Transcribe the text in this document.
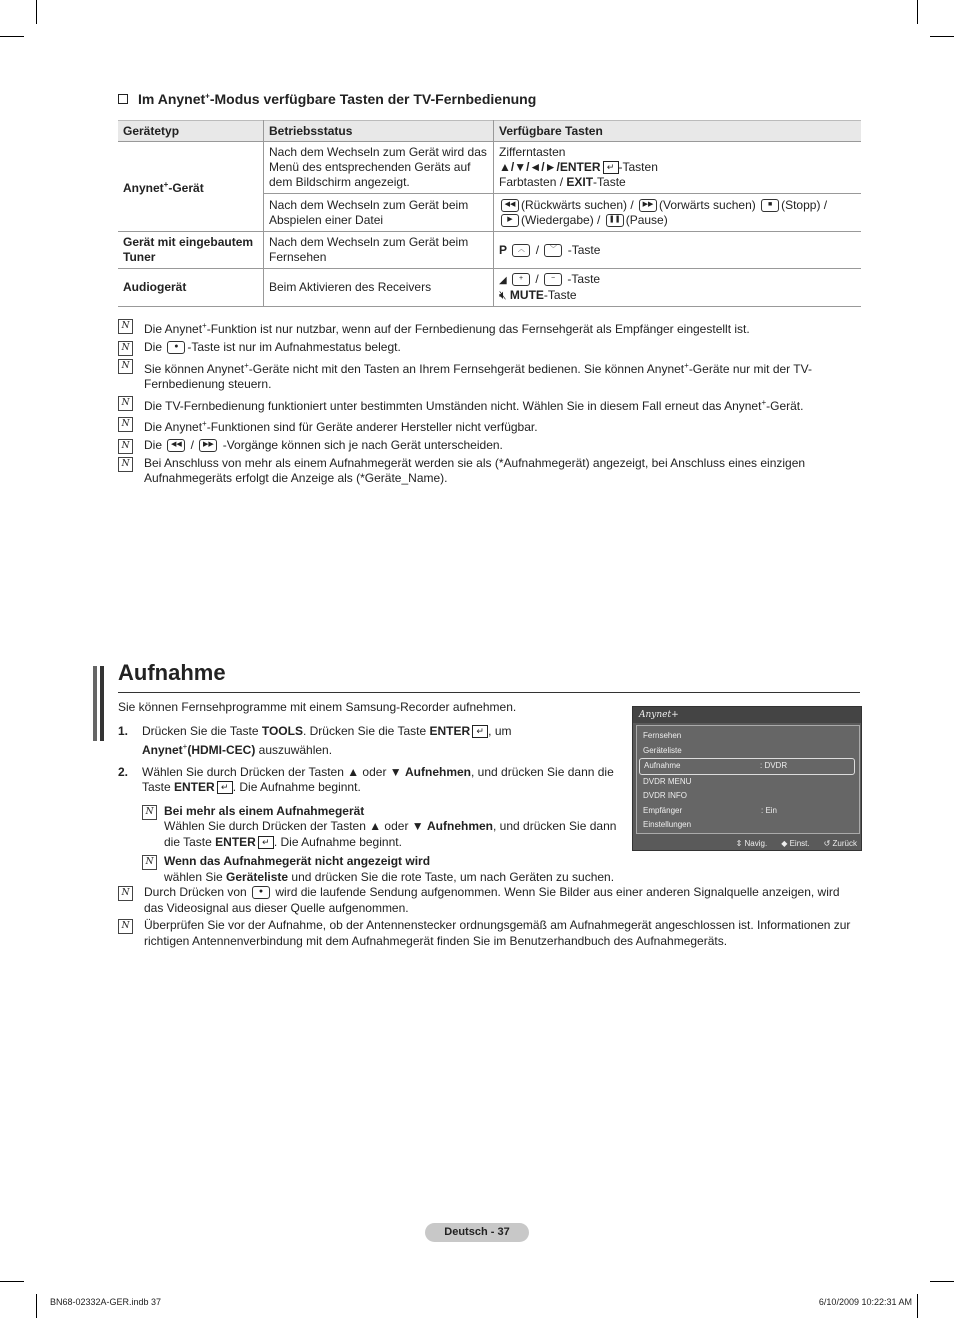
Im Anynet+-Modus verfügbare Tasten der TV-Fernbedienung
Gerätetyp	Betriebsstatus	Verfügbare Tasten
Anynet+-Gerät	Nach dem Wechseln zum Gerät wird das Menü des entsprechenden Geräts auf dem Bildschirm angezeigt.	Zifferntasten
▲/▼/◄/►/ENTER ↵ -Tasten
Farbtasten / EXIT-Taste

	Nach dem Wechseln zum Gerät beim Abspielen einer Datei	◀◀ (Rückwärts suchen) / ▶▶ (Vorwärts suchen) ■ (Stopp) /
▶ (Wiedergabe) / ❚❚ (Pause)

Gerät mit eingebautem Tuner	Nach dem Wechseln zum Gerät beim Fernsehen	P ︿ / ﹀ -Taste
Audiogerät	Beim Aktivieren des Receivers	◢ + / − -Taste
🔇︎ MUTE-Taste
N Die Anynet+-Funktion ist nur nutzbar, wenn auf der Fernbedienung das Fernsehgerät als Empfänger eingestellt ist.
N Die ● -Taste ist nur im Aufnahmestatus belegt.
N Sie können Anynet+-Geräte nicht mit den Tasten an Ihrem Fernsehgerät bedienen. Sie können Anynet+-Geräte nur mit der TV-Fernbedienung steuern.
N Die TV-Fernbedienung funktioniert unter bestimmten Umständen nicht. Wählen Sie in diesem Fall erneut das Anynet+-Gerät.
N Die Anynet+-Funktionen sind für Geräte anderer Hersteller nicht verfügbar.
N Die ◀◀ / ▶▶ -Vorgänge können sich je nach Gerät unterscheiden.
N Bei Anschluss von mehr als einem Aufnahmegerät werden sie als (*Aufnahmegerät) angezeigt, bei Anschluss eines einzigen Aufnahmegeräts erfolgt die Anzeige als (*Geräte_Name).
Aufnahme
Sie können Fernsehprogramme mit einem Samsung-Recorder aufnehmen.
1.	Drücken Sie die Taste TOOLS. Drücken Sie die Taste ENTER ↵ , um
Anynet+(HDMI-CEC) auszuwählen.
2.	Wählen Sie durch Drücken der Tasten ▲ oder ▼ Aufnehmen, und drücken Sie dann die Taste ENTER ↵ . Die Aufnahme beginnt.
N Bei mehr als einem Aufnahmegerät
Wählen Sie durch Drücken der Tasten ▲ oder ▼ Aufnehmen, und drücken Sie dann die Taste ENTER ↵ . Die Aufnahme beginnt.
N Wenn das Aufnahmegerät nicht angezeigt wird
wählen Sie Geräteliste und drücken Sie die rote Taste, um nach Geräten zu suchen.
N Durch Drücken von ● wird die laufende Sendung aufgenommen. Wenn Sie Bilder aus einer anderen Signalquelle anzeigen, wird das Videosignal aus dieser Quelle aufgenommen.
N Überprüfen Sie vor der Aufnahme, ob der Antennenstecker ordnungsgemäß am Aufnahmegerät angeschlossen ist. Informationen zur richtigen Antennenverbindung mit dem Aufnahmegerät finden Sie im Benutzerhandbuch des Aufnahmegeräts.
Anynet+
Fernsehen
Geräteliste
Aufnahme	: DVDR
DVDR MENU
DVDR INFO
Empfänger	: Ein
Einstellungen
⇕ Navig. ◆ Einst. ↺ Zurück
Deutsch - 37
BN68-02332A-GER.indb 37	6/10/2009 10:22:31 AM
